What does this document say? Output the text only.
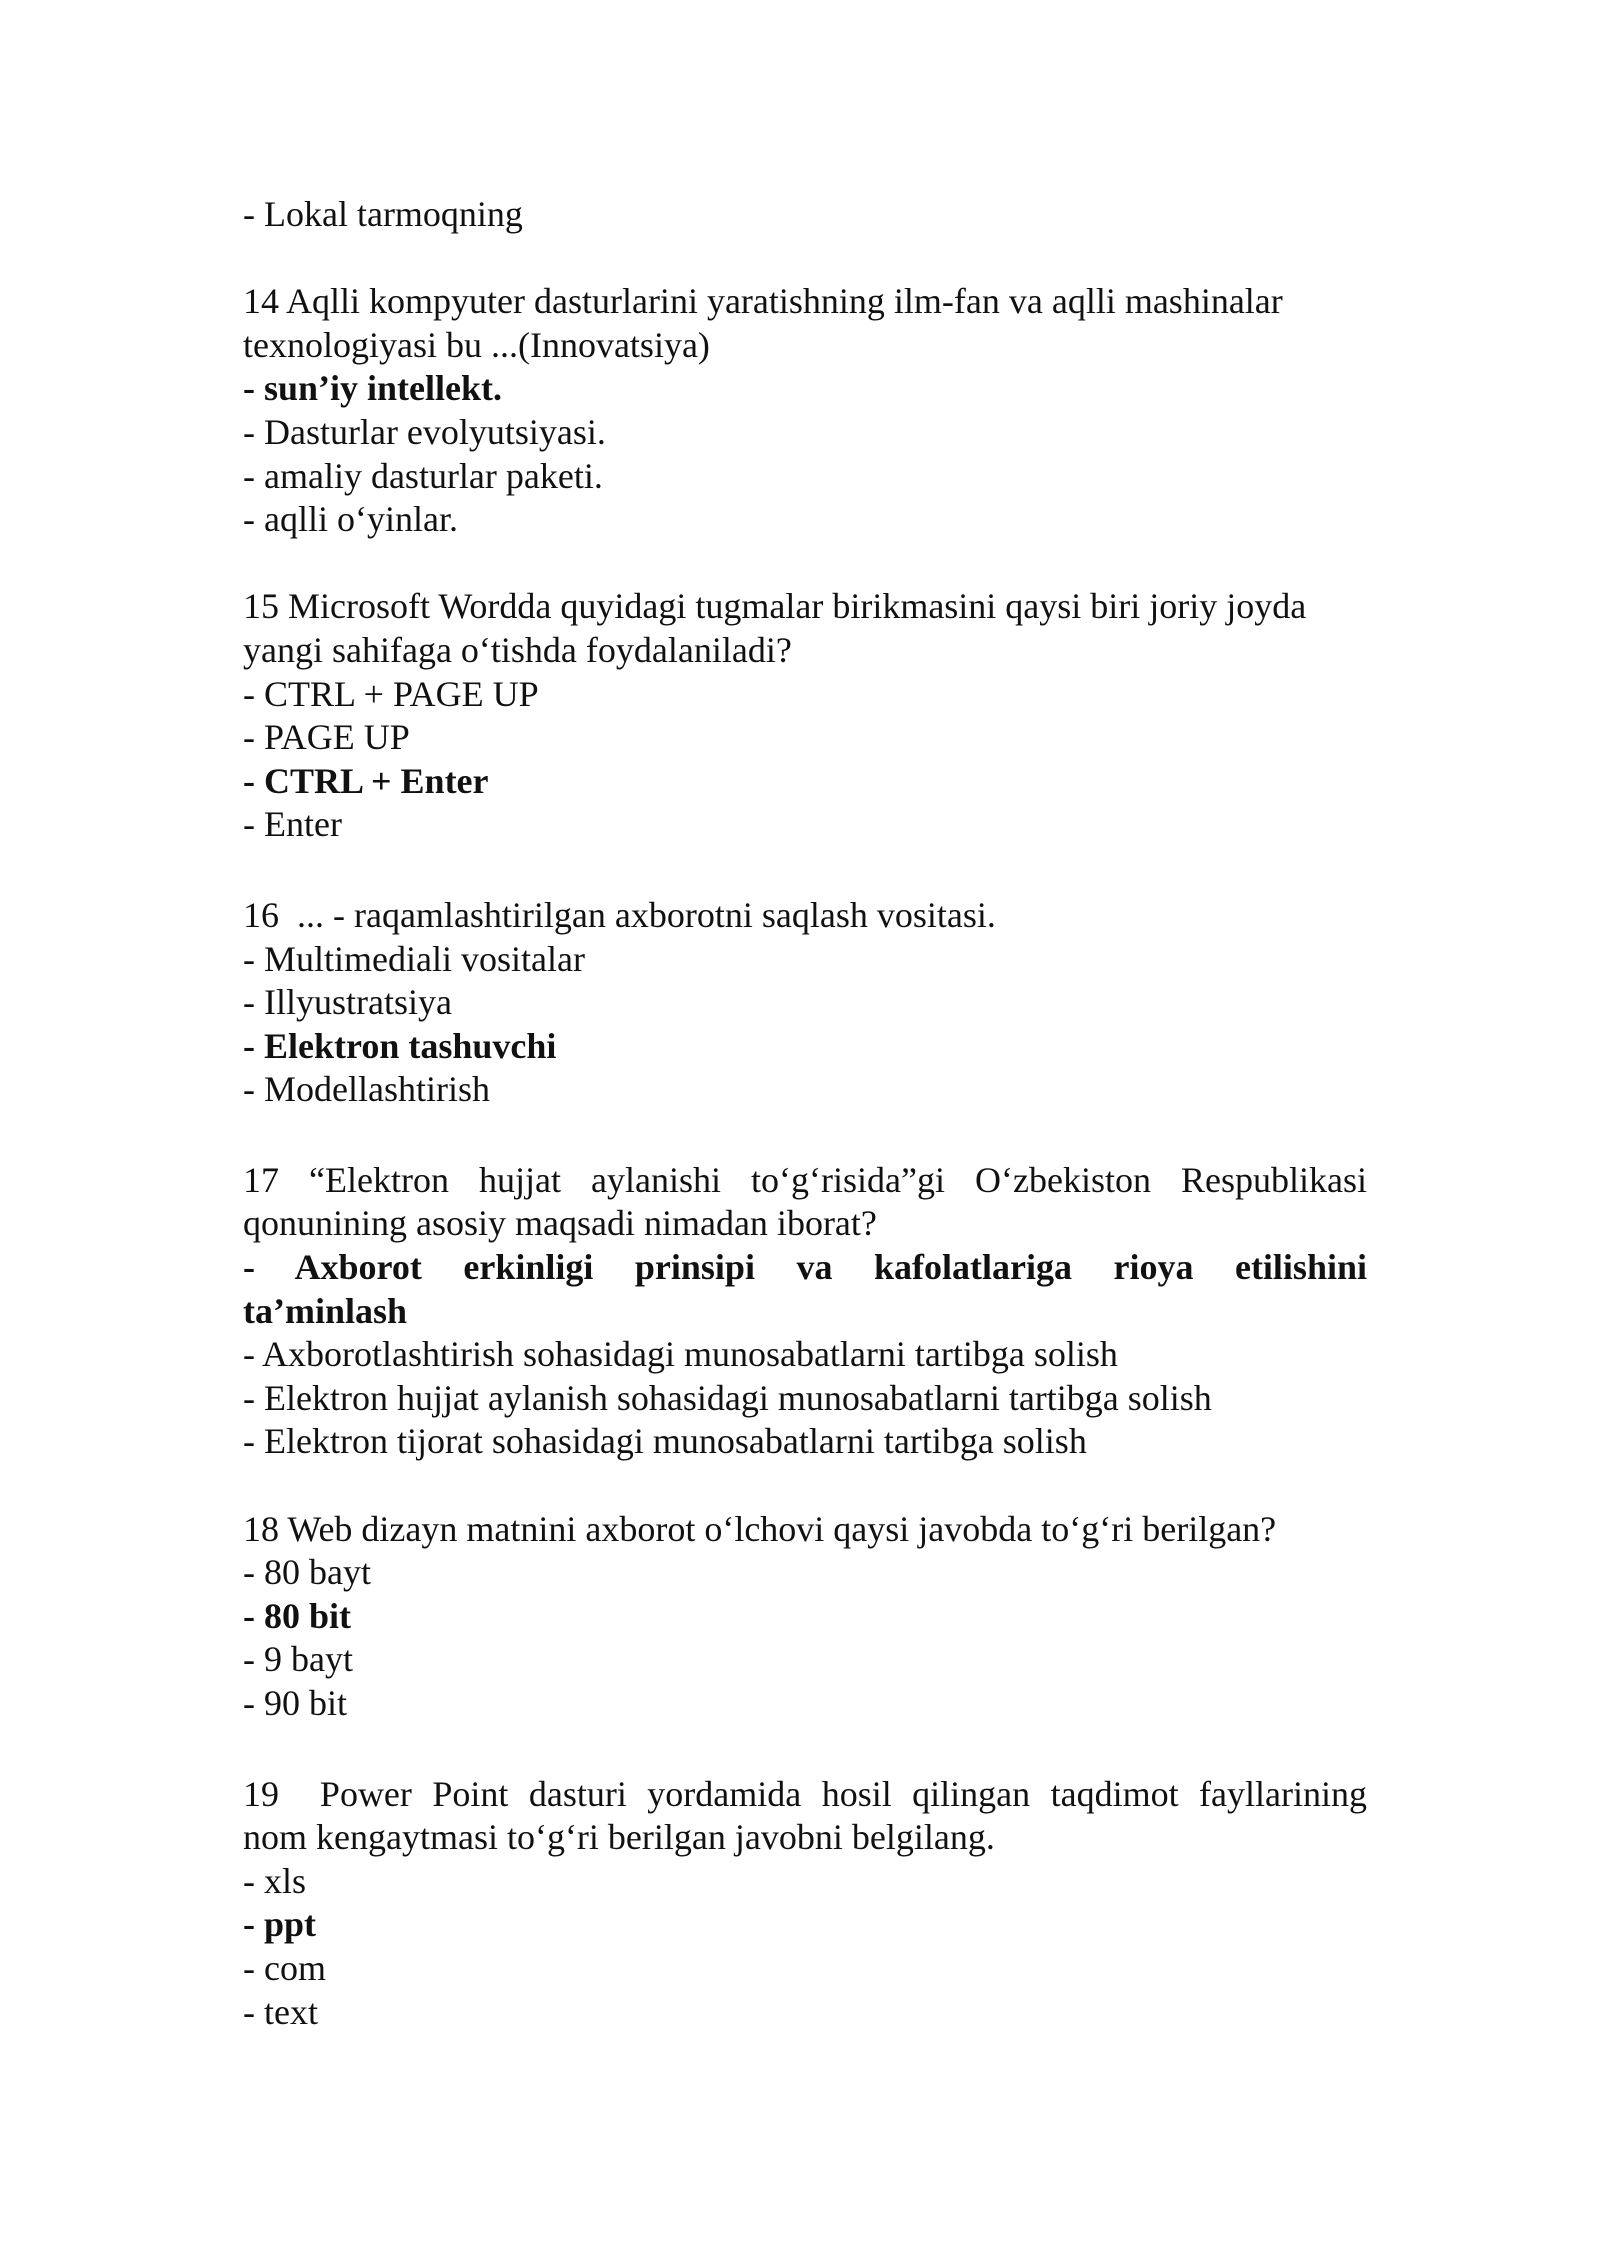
- Lokal tarmoqning
14 Aqlli kompyuter dasturlarini yaratishning ilm-fan va aqlli mashinalar
texnologiyasi bu ...(Innovatsiya)
- sun’iy intellekt.
- Dasturlar evolyutsiyasi.
- amaliy dasturlar paketi.
- aqlli o‘yinlar.
15 Microsoft Wordda quyidagi tugmalar birikmasini qaysi biri joriy joyda
yangi sahifaga o‘tishda foydalaniladi?
- CTRL + PAGE UP
- PAGE UP
- CTRL + Enter
- Enter
16  ... - raqamlashtirilgan axborotni saqlash vositasi.
- Multimediali vositalar
- Illyustratsiya
- Elektron tashuvchi
- Modellashtirish
17 “Elektron hujjat aylanishi to‘g‘risida”gi O‘zbekiston Respublikasi
qonunining asosiy maqsadi nimadan iborat?
- Axborot erkinligi prinsipi va kafolatlariga rioya etilishini
ta’minlash
- Axborotlashtirish sohasidagi munosabatlarni tartibga solish
- Elektron hujjat aylanish sohasidagi munosabatlarni tartibga solish
- Elektron tijorat sohasidagi munosabatlarni tartibga solish
18 Web dizayn matnini axborot o‘lchovi qaysi javobda to‘g‘ri berilgan?
- 80 bayt
- 80 bit
- 9 bayt
- 90 bit
19  Power Point dasturi yordamida hosil qilingan taqdimot fayllarining
nom kengaytmasi to‘g‘ri berilgan javobni belgilang.
- xls
- ppt
- com
- text
